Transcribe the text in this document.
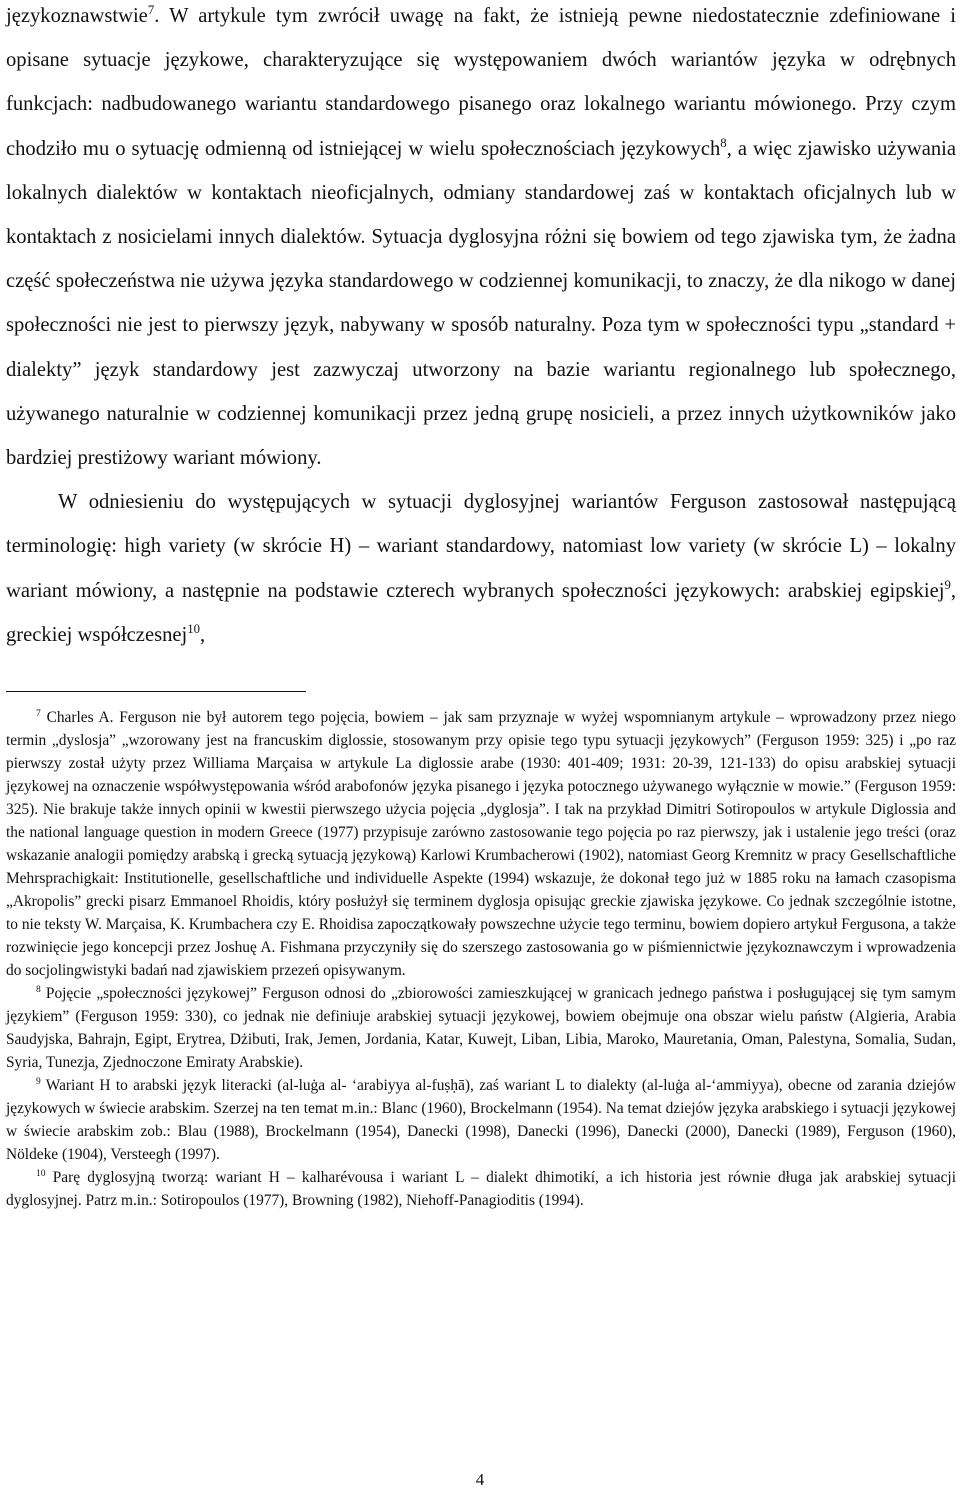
językoznawstwie$^7$. W artykule tym zwrócił uwagę na fakt, że istnieją pewne niedostatecznie zdefiniowane i opisane sytuacje językowe, charakteryzujące się występowaniem dwóch wariantów języka w odrębnych funkcjach: nadbudowanego wariantu standardowego pisanego oraz lokalnego wariantu mówionego. Przy czym chodziło mu o sytuację odmienną od istniejącej w wielu społecznościach językowych$^8$, a więc zjawisko używania lokalnych dialektów w kontaktach nieoficjalnych, odmiany standardowej zaś w kontaktach oficjalnych lub w kontaktach z nosicielami innych dialektów. Sytuacja dyglosyjna różni się bowiem od tego zjawiska tym, że żadna część społeczeństwa nie używa języka standardowego w codziennej komunikacji, to znaczy, że dla nikogo w danej społeczności nie jest to pierwszy język, nabywany w sposób naturalny. Poza tym w społeczności typu „standard + dialekty” język standardowy jest zazwyczaj utworzony na bazie wariantu regionalnego lub społecznego, używanego naturalnie w codziennej komunikacji przez jedną grupę nosicieli, a przez innych użytkowników jako bardziej prestiżowy wariant mówiony.

W odniesieniu do występujących w sytuacji dyglosyjnej wariantów Ferguson zastosował następującą terminologię: high variety (w skrócie H) – wariant standardowy, natomiast low variety (w skrócie L) – lokalny wariant mówiony, a następnie na podstawie czterech wybranych społeczności językowych: arabskiej egipskiej$^9$, greckiej współczesnej$^{10}$,

$^7$ Charles A. Ferguson nie był autorem tego pojęcia, bowiem – jak sam przyznaje w wyżej wspomnianym artykule – wprowadzony przez niego termin „dyslosja” „wzorowany jest na francuskim diglossie, stosowanym przy opisie tego typu sytuacji językowych” (Ferguson 1959: 325) i „po raz pierwszy został użyty przez Williama Marçaisa w artykule La diglossie arabe (1930: 401-409; 1931: 20-39, 121-133) do opisu arabskiej sytuacji językowej na oznaczenie współwystępowania wśród arabofonów języka pisanego i języka potocznego używanego wyłącznie w mowie.” (Ferguson 1959: 325). Nie brakuje także innych opinii w kwestii pierwszego użycia pojęcia „dyglosja”. I tak na przykład Dimitri Sotiropoulos w artykule Diglossia and the national language question in modern Greece (1977) przypisuje zarówno zastosowanie tego pojęcia po raz pierwszy, jak i ustalenie jego treści (oraz wskazanie analogii pomiędzy arabską i grecką sytuacją językową) Karlowi Krumbacherowi (1902), natomiast Georg Kremnitz w pracy Gesellschaftliche Mehrsprachigkait: Institutionelle, gesellschaftliche und individuelle Aspekte (1994) wskazuje, że dokonał tego już w 1885 roku na łamach czasopisma „Akropolis” grecki pisarz Emmanoel Rhoidis, który posłużył się terminem dyglosja opisując greckie zjawiska językowe. Co jednak szczególnie istotne, to nie teksty W. Marçaisa, K. Krumbachera czy E. Rhoidisa zapoczątkowały powszechne użycie tego terminu, bowiem dopiero artykuł Fergusona, a także rozwinięcie jego koncepcji przez Joshuę A. Fishmana przyczyniły się do szerszego zastosowania go w piśmiennictwie językoznawczym i wprowadzenia do socjolingwistyki badań nad zjawiskiem przezeń opisywanym.

$^8$ Pojęcie „społeczności językowej” Ferguson odnosi do „zbiorowości zamieszkującej w granicach jednego państwa i posługującej się tym samym językiem” (Ferguson 1959: 330), co jednak nie definiuje arabskiej sytuacji językowej, bowiem obejmuje ona obszar wielu państw (Algieria, Arabia Saudyjska, Bahrajn, Egipt, Erytrea, Dżibuti, Irak, Jemen, Jordania, Katar, Kuwejt, Liban, Libia, Maroko, Mauretania, Oman, Palestyna, Somalia, Sudan, Syria, Tunezja, Zjednoczone Emiraty Arabskie).

$^9$ Wariant H to arabski język literacki (al-luġa al- ʻarabiyya al-fuṣḥā), zaś wariant L to dialekty (al-luġa al-ʻammiyya), obecne od zarania dziejów językowych w świecie arabskim. Szerzej na ten temat m.in.: Blanc (1960), Brockelmann (1954). Na temat dziejów języka arabskiego i sytuacji językowej w świecie arabskim zob.: Blau (1988), Brockelmann (1954), Danecki (1998), Danecki (1996), Danecki (2000), Danecki (1989), Ferguson (1960), Nöldeke (1904), Versteegh (1997).

$^{10}$ Parę dyglosyjną tworzą: wariant H – kalharévousa i wariant L – dialekt dhimotikí, a ich historia jest równie długa jak arabskiej sytuacji dyglosyjnej. Patrz m.in.: Sotiropoulos (1977), Browning (1982), Niehoff-Panagioditis (1994).

4
